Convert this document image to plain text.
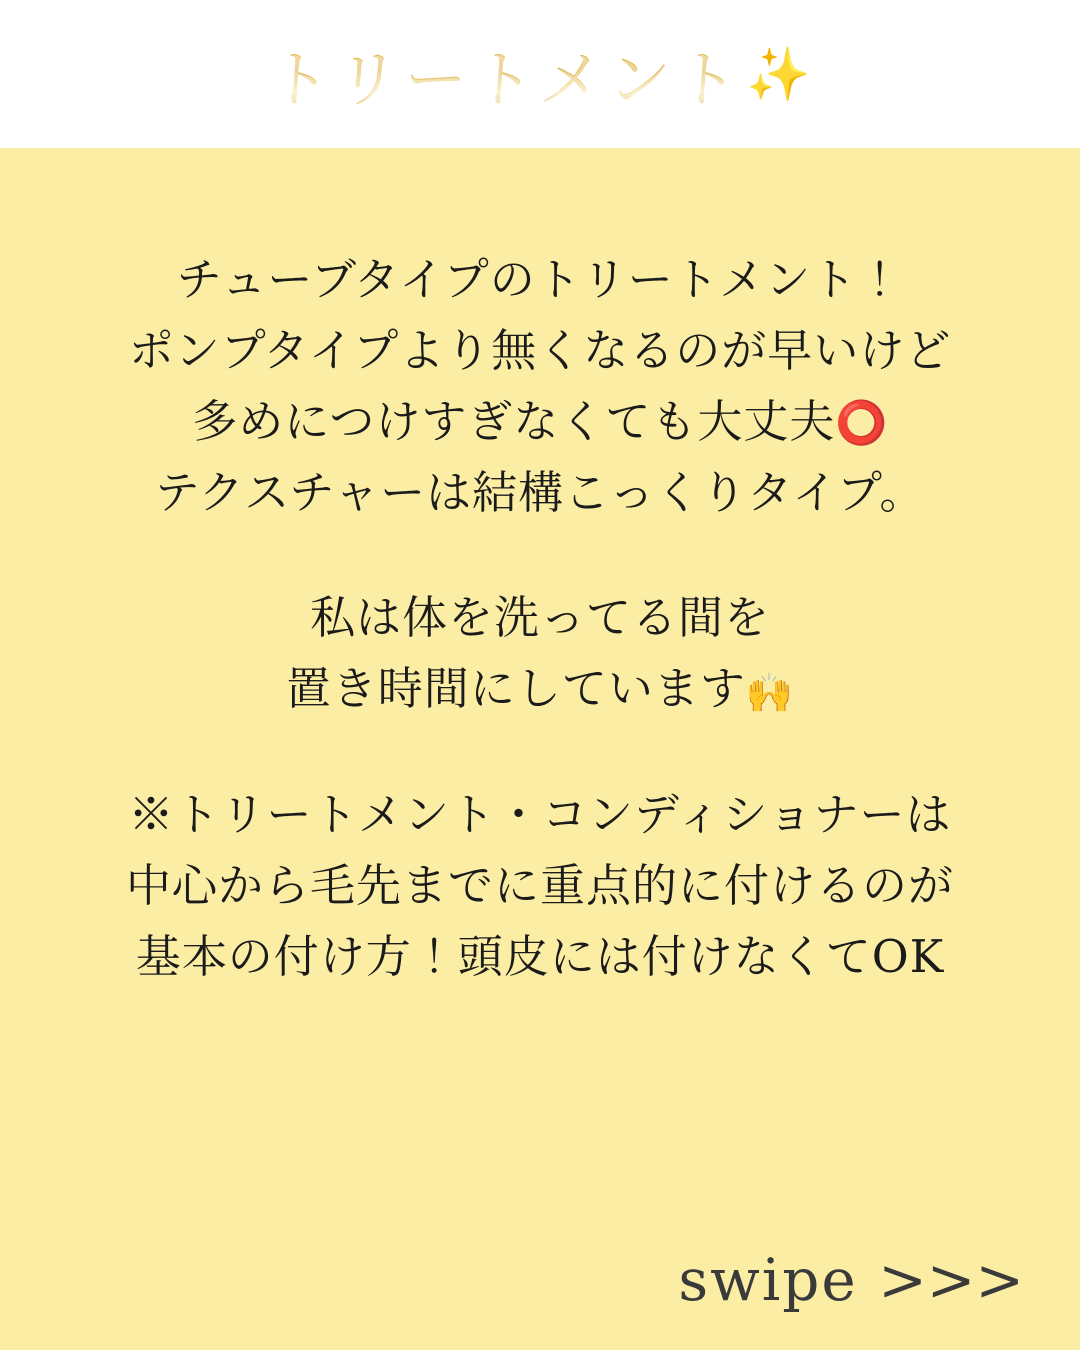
トリートメント ✨

チューブタイプのトリートメント！
ポンプタイプより無くなるのが早いけど
多めにつけすぎなくても大丈夫⭕
テクスチャーは結構こっくりタイプ。

私は体を洗ってる間を
置き時間にしています🙌

※トリートメント・コンディショナーは
中心から毛先までに重点的に付けるのが
基本の付け方！頭皮には付けなくてOK

swipe >>>
